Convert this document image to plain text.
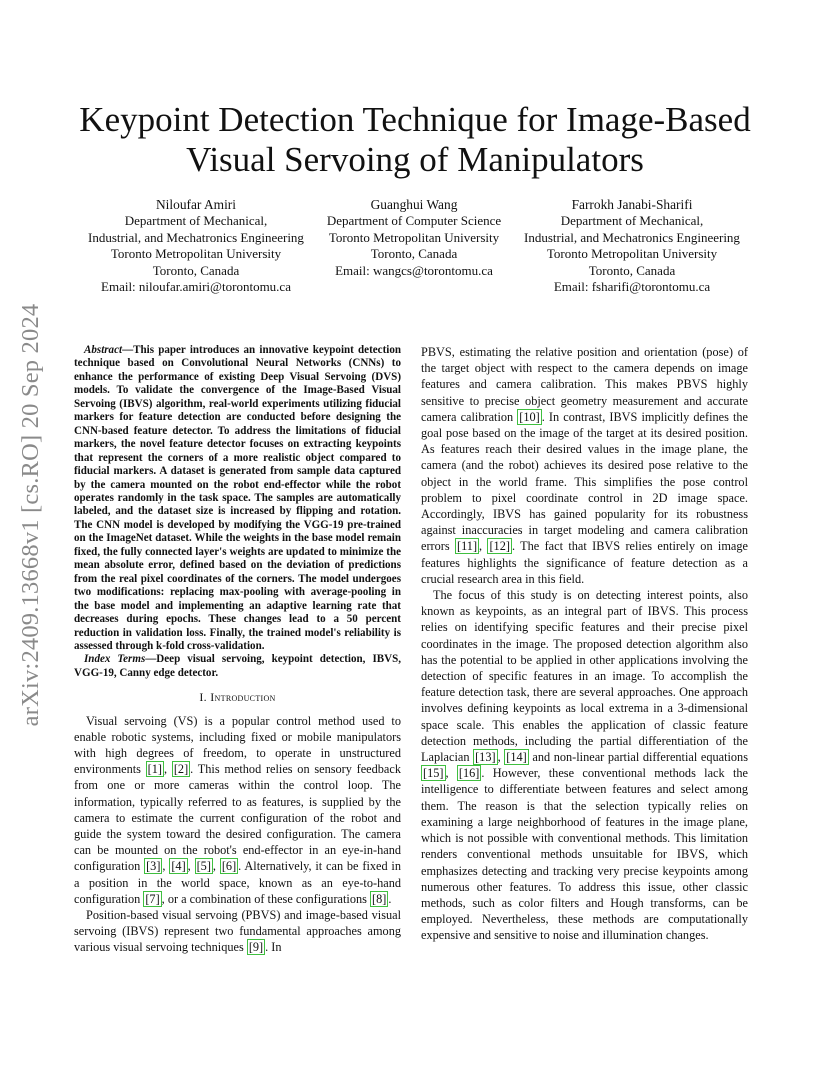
arXiv:2409.13668v1 [cs.RO] 20 Sep 2024
Keypoint Detection Technique for Image-Based
Visual Servoing of Manipulators
Niloufar Amiri
Department of Mechanical,
Industrial, and Mechatronics Engineering
Toronto Metropolitan University
Toronto, Canada
Email: niloufar.amiri@torontomu.ca
Guanghui Wang
Department of Computer Science
Toronto Metropolitan University
Toronto, Canada
Email: wangcs@torontomu.ca
Farrokh Janabi-Sharifi
Department of Mechanical,
Industrial, and Mechatronics Engineering
Toronto Metropolitan University
Toronto, Canada
Email: fsharifi@torontomu.ca

Abstract—This paper introduces an innovative keypoint detection technique based on Convolutional Neural Networks (CNNs) to enhance the performance of existing Deep Visual Servoing (DVS) models. To validate the convergence of the Image-Based Visual Servoing (IBVS) algorithm, real-world experiments utilizing fiducial markers for feature detection are conducted before designing the CNN-based feature detector. To address the limitations of fiducial markers, the novel feature detector focuses on extracting keypoints that represent the corners of a more realistic object compared to fiducial markers. A dataset is generated from sample data captured by the camera mounted on the robot end-effector while the robot operates randomly in the task space. The samples are automatically labeled, and the dataset size is increased by flipping and rotation. The CNN model is developed by modifying the VGG-19 pre-trained on the ImageNet dataset. While the weights in the base model remain fixed, the fully connected layer's weights are updated to minimize the mean absolute error, defined based on the deviation of predictions from the real pixel coordinates of the corners. The model undergoes two modifications: replacing max-pooling with average-pooling in the base model and implementing an adaptive learning rate that decreases during epochs. These changes lead to a 50 percent reduction in validation loss. Finally, the trained model's reliability is assessed through k-fold cross-validation.

Index Terms—Deep visual servoing, keypoint detection, IBVS, VGG-19, Canny edge detector.

I. Introduction

Visual servoing (VS) is a popular control method used to enable robotic systems, including fixed or mobile manipulators with high degrees of freedom, to operate in unstructured environments [1] , [2] . This method relies on sensory feedback from one or more cameras within the control loop. The information, typically referred to as features, is supplied by the camera to estimate the current configuration of the robot and guide the system toward the desired configuration. The camera can be mounted on the robot's end-effector in an eye-in-hand configuration [3] , [4] , [5] , [6] . Alternatively, it can be fixed in a position in the world space, known as an eye-to-hand configuration [7] , or a combination of these configurations [8] .

Position-based visual servoing (PBVS) and image-based visual servoing (IBVS) represent two fundamental approaches among various visual servoing techniques [9] . In

PBVS, estimating the relative position and orientation (pose) of the target object with respect to the camera depends on image features and camera calibration. This makes PBVS highly sensitive to precise object geometry measurement and accurate camera calibration [10] . In contrast, IBVS implicitly defines the goal pose based on the image of the target at its desired position. As features reach their desired values in the image plane, the camera (and the robot) achieves its desired pose relative to the object in the world frame. This simplifies the pose control problem to pixel coordinate control in 2D image space. Accordingly, IBVS has gained popularity for its robustness against inaccuracies in target modeling and camera calibration errors [11] , [12] . The fact that IBVS relies entirely on image features highlights the significance of feature detection as a crucial research area in this field.

The focus of this study is on detecting interest points, also known as keypoints, as an integral part of IBVS. This process relies on identifying specific features and their precise pixel coordinates in the image. The proposed detection algorithm also has the potential to be applied in other applications involving the detection of specific features in an image. To accomplish the feature detection task, there are several approaches. One approach involves defining keypoints as local extrema in a 3-dimensional space scale. This enables the application of classic feature detection methods, including the partial differentiation of the Laplacian [13] , [14] and non-linear partial differential equations [15] , [16] . However, these conventional methods lack the intelligence to differentiate between features and select among them. The reason is that the selection typically relies on examining a large neighborhood of features in the image plane, which is not possible with conventional methods. This limitation renders conventional methods unsuitable for IBVS, which emphasizes detecting and tracking very precise keypoints among numerous other features. To address this issue, other classic methods, such as color filters and Hough transforms, can be employed. Nevertheless, these methods are computationally expensive and sensitive to noise and illumination changes.
